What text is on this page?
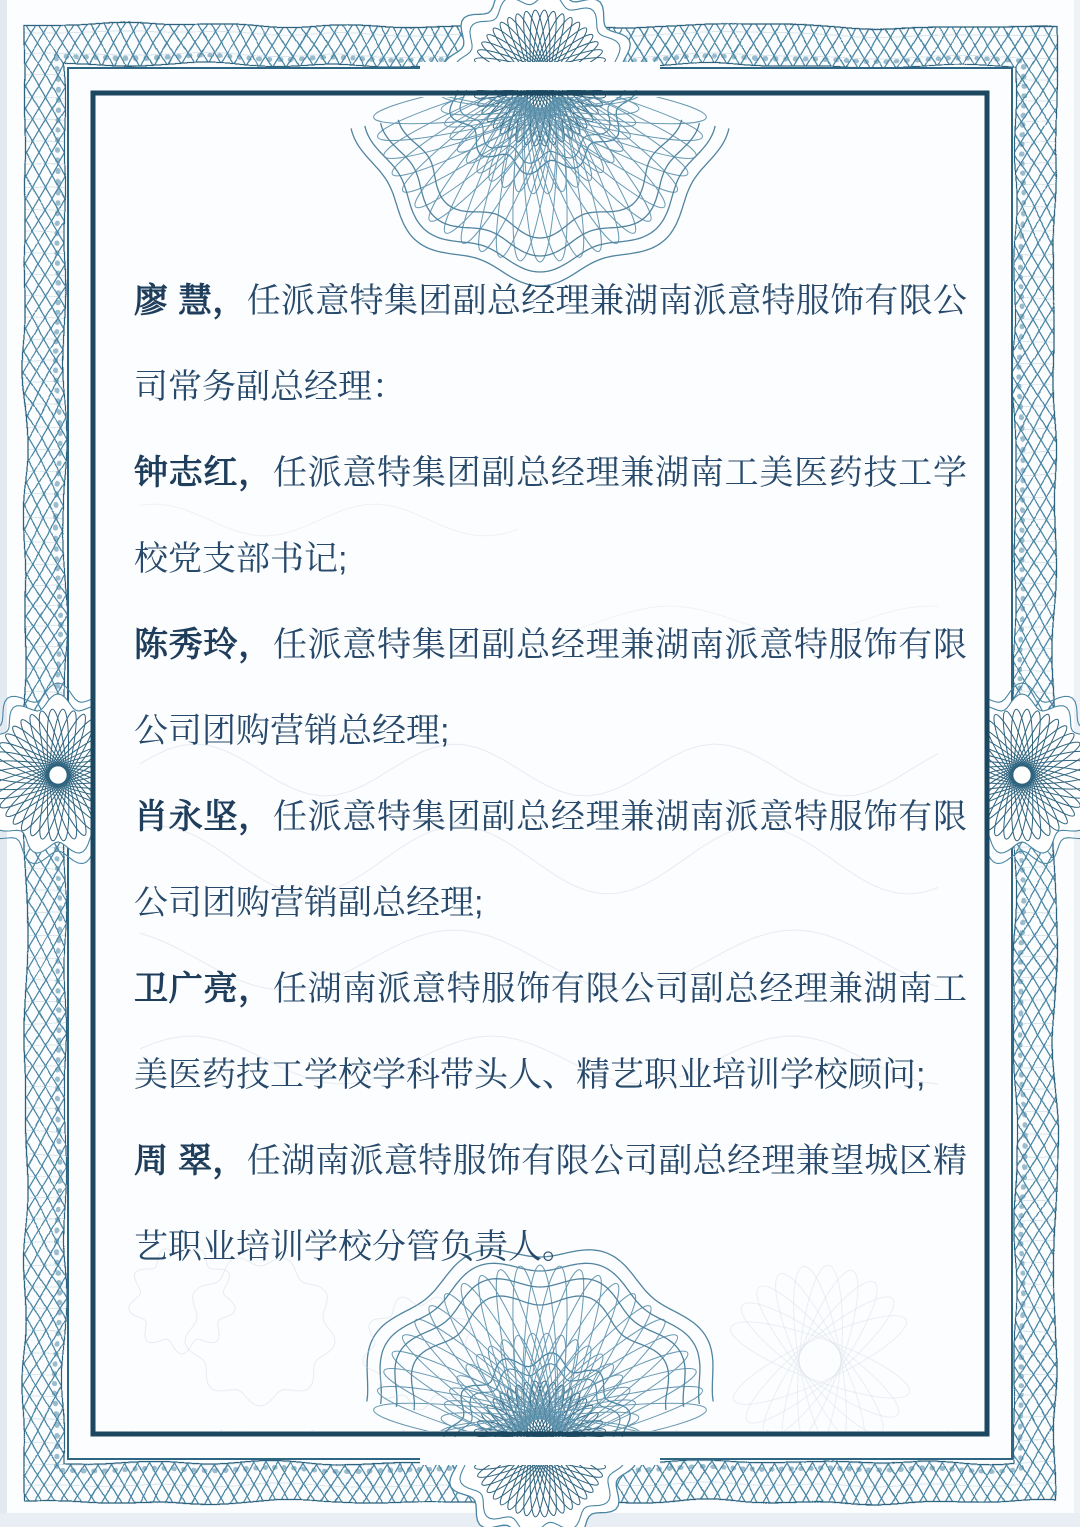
廖 慧，任派意特集团副总经理兼湖南派意特服饰有限公司常务副总经理：

钟志红，任派意特集团副总经理兼湖南工美医药技工学校党支部书记;

陈秀玲，任派意特集团副总经理兼湖南派意特服饰有限公司团购营销总经理;

肖永坚，任派意特集团副总经理兼湖南派意特服饰有限公司团购营销副总经理;

卫广亮，任湖南派意特服饰有限公司副总经理兼湖南工美医药技工学校学科带头人、精艺职业培训学校顾问;

周 翠，任湖南派意特服饰有限公司副总经理兼望城区精艺职业培训学校分管负责人。
